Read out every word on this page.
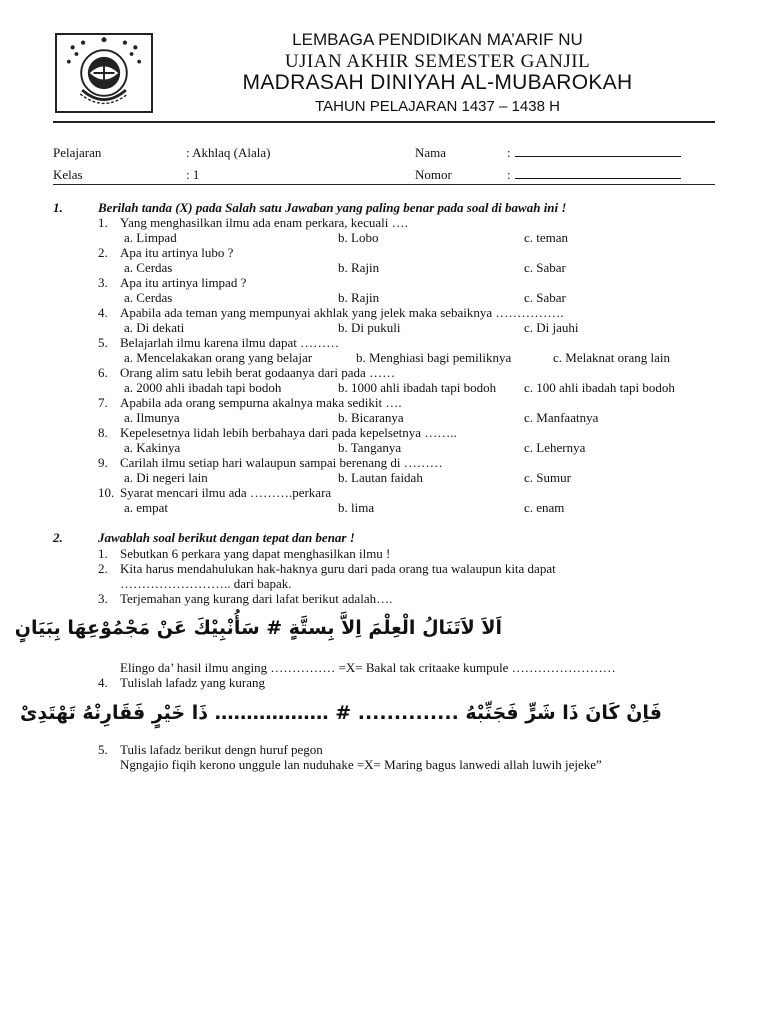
LEMBAGA PENDIDIKAN MA’ARIF NU
UJIAN AKHIR SEMESTER GANJIL
MADRASAH DINIYAH AL-MUBAROKAH
TAHUN PELAJARAN 1437 – 1438 H
Pelajaran	: Akhlaq (Alala)	Nama	:
Kelas	: 1	Nomor	:
1.	Berilah tanda (X) pada Salah satu Jawaban yang paling benar pada soal di bawah ini !
1. Yang menghasilkan ilmu ada enam perkara, kecuali ….
a. Limpad	b. Lobo	c. teman
2. Apa itu artinya lubo ?
a. Cerdas	b. Rajin	c. Sabar
3. Apa itu artinya limpad ?
a. Cerdas	b. Rajin	c. Sabar
4. Apabila ada teman yang mempunyai akhlak yang jelek maka sebaiknya …………….
a. Di dekati	b. Di pukuli	c. Di jauhi
5. Belajarlah ilmu karena ilmu dapat ………
a. Mencelakakan orang yang belajar	b. Menghiasi bagi pemiliknya	c. Melaknat orang lain
6. Orang alim satu lebih berat godaanya dari pada ……
a. 2000 ahli ibadah tapi bodoh	b. 1000 ahli ibadah tapi bodoh c. 100 ahli ibadah tapi bodoh
7. Apabila ada orang sempurna akalnya maka sedikit ….
a. Ilmunya	b. Bicaranya	c. Manfaatnya
8. Kepelesetnya lidah lebih berbahaya dari pada kepelsetnya ……..
a. Kakinya	b. Tanganya	c. Lehernya
9. Carilah ilmu setiap hari walaupun sampai berenang di ………
a. Di negeri lain	b. Lautan faidah	c. Sumur
10. Syarat mencari ilmu ada ……….perkara
a. empat	b. lima	c. enam
2.	Jawablah soal berikut dengan tepat dan benar !
1. Sebutkan 6 perkara yang dapat menghasilkan ilmu !
2. Kita harus mendahulukan hak-haknya guru dari pada orang tua walaupun kita dapat
…………………….. dari bapak.
3. Terjemahan yang kurang dari lafat berikut adalah….
اَلاَ لاَتَنَالُ الْعِلْمَ اِلاَّ بِستَّةٍ # سَأُنْبِيْكَ عَنْ مَجْمُوْعِهَا بِبَيَانٍ
Elingo da’ hasil ilmu anging …………… =X= Bakal tak critaake kumpule ……………………
4. Tulislah lafadz yang kurang
فَاِنْ كَانَ ذَا شَرٍّ فَجَنِّبْهُ .............. # ……………… ذَا خَيْرٍ فَقَارِنْهُ تَهْتَدِىْ
5. Tulis lafadz berikut dengn huruf pegon
Ngngajio fiqih kerono unggule lan nuduhake =X= Maring bagus lanwedi allah luwih jejeke”
